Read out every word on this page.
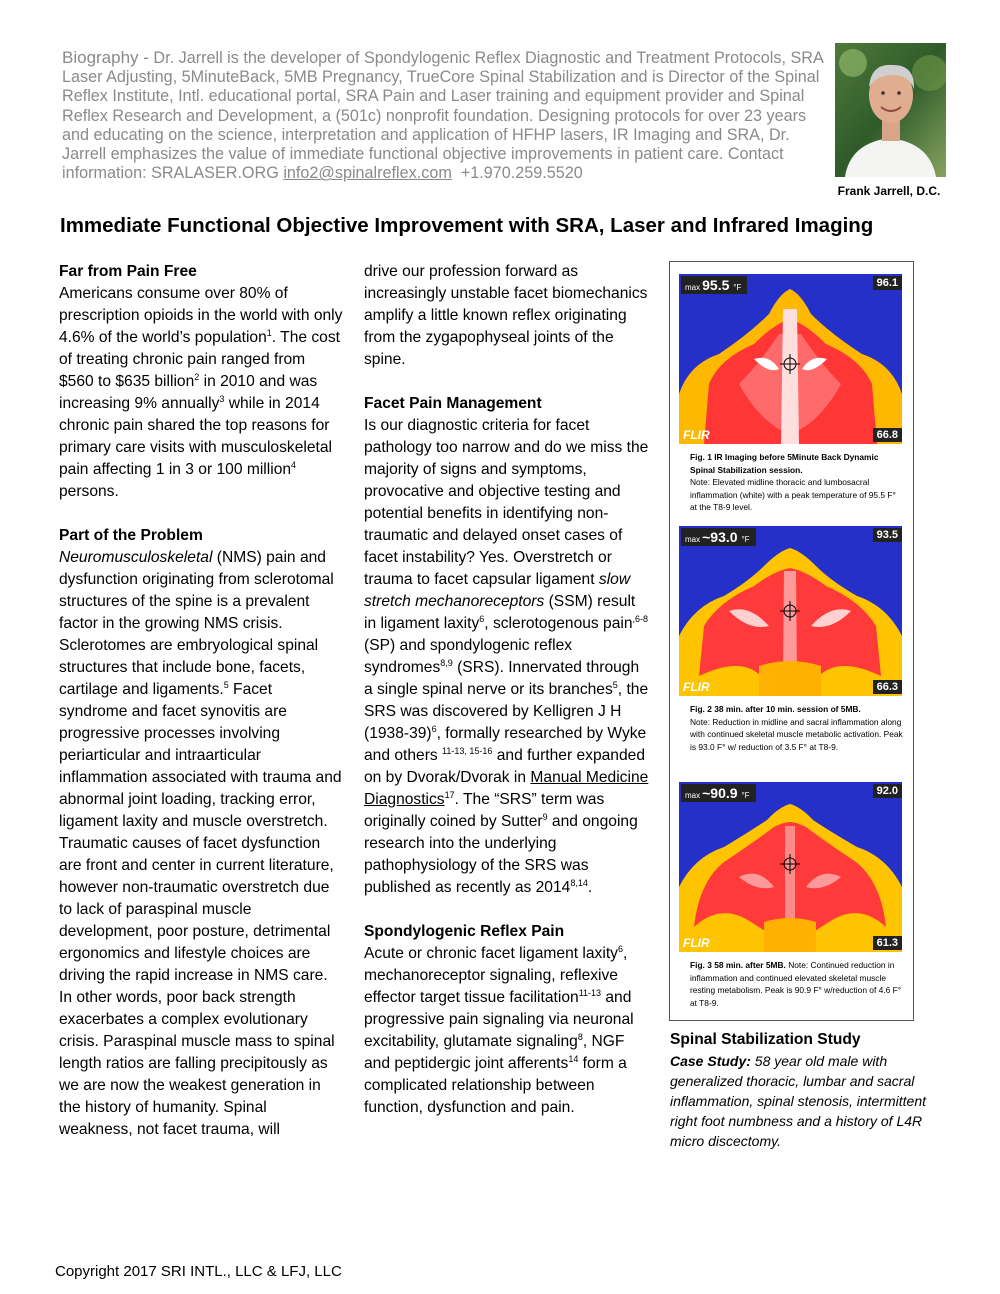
Biography - Dr. Jarrell is the developer of Spondylogenic Reflex Diagnostic and Treatment Protocols, SRA Laser Adjusting, 5MinuteBack, 5MB Pregnancy, TrueCore Spinal Stabilization and is Director of the Spinal Reflex Institute, Intl. educational portal, SRA Pain and Laser training and equipment provider and Spinal Reflex Research and Development, a (501c) nonprofit foundation. Designing protocols for over 23 years and educating on the science, interpretation and application of HFHP lasers, IR Imaging and SRA, Dr. Jarrell emphasizes the value of immediate functional objective improvements in patient care. Contact information: SRALASER.ORG info2@spinalreflex.com +1.970.259.5520
Frank Jarrell, D.C.
Immediate Functional Objective Improvement with SRA, Laser and Infrared Imaging
Far from Pain Free

Americans consume over 80% of prescription opioids in the world with only 4.6% of the world’s population$^1$. The cost of treating chronic pain ranged from $560 to $635 billion$^2$ in 2010 and was increasing 9% annually$^3$ while in 2014 chronic pain shared the top reasons for primary care visits with musculoskeletal pain affecting 1 in 3 or 100 million$^4$ persons.

Part of the Problem

Neuromusculoskeletal (NMS) pain and dysfunction originating from sclerotomal structures of the spine is a prevalent factor in the growing NMS crisis. Sclerotomes are embryological spinal structures that include bone, facets, cartilage and ligaments.$^5$ Facet syndrome and facet synovitis are progressive processes involving periarticular and intraarticular inflammation associated with trauma and abnormal joint loading, tracking error, ligament laxity and muscle overstretch. Traumatic causes of facet dysfunction are front and center in current literature, however non-traumatic overstretch due to lack of paraspinal muscle development, poor posture, detrimental ergonomics and lifestyle choices are driving the rapid increase in NMS care. In other words, poor back strength exacerbates a complex evolutionary crisis. Paraspinal muscle mass to spinal length ratios are falling precipitously as we are now the weakest generation in the history of humanity. Spinal weakness, not facet trauma, will

drive our profession forward as increasingly unstable facet biomechanics amplify a little known reflex originating from the zygapophyseal joints of the spine.

Facet Pain Management

Is our diagnostic criteria for facet pathology too narrow and do we miss the majority of signs and symptoms, provocative and objective testing and potential benefits in identifying non-traumatic and delayed onset cases of facet instability? Yes. Overstretch or trauma to facet capsular ligament slow stretch mechanoreceptors (SSM) result in ligament laxity$^6$, sclerotogenous pain$^{,6-8}$ (SP) and spondylogenic reflex syndromes$^{8,9}$ (SRS). Innervated through a single spinal nerve or its branches$^5$, the SRS was discovered by Kelligren J H (1938-39)$^6$, formally researched by Wyke and others $^{11-13, 15-16}$ and further expanded on by Dvorak/Dvorak in Manual Medicine Diagnostics$^{17}$. The “SRS” term was originally coined by Sutter$^9$ and ongoing research into the underlying pathophysiology of the SRS was published as recently as 2014$^{8,14}$.

Spondylogenic Reflex Pain

Acute or chronic facet ligament laxity$^6$, mechanoreceptor signaling, reflexive effector target tissue facilitation$^{11-13}$ and progressive pain signaling via neuronal excitability, glutamate signaling$^8$, NGF and peptidergic joint afferents$^{14}$ form a complicated relationship between function, dysfunction and pain.

max 95.5 °F	96.1
66.8
FLIR
Fig. 1 IR Imaging before 5Minute Back Dynamic Spinal Stabilization session.
Note: Elevated midline thoracic and lumbosacral inflammation (white) with a peak temperature of 95.5 F° at the T8-9 level.
max ~93.0 °F	93.5
66.3
FLIR
Fig. 2 38 min. after 10 min. session of 5MB.
Note: Reduction in midline and sacral inflammation along with continued skeletal muscle metabolic activation. Peak is 93.0 F° w/ reduction of 3.5 F° at T8-9.
max ~90.9 °F	92.0
61.3
FLIR
Fig. 3 58 min. after 5MB. Note: Continued reduction in inflammation and continued elevated skeletal muscle resting metabolism. Peak is 90.9 F° w/reduction of 4.6 F° at T8-9.
Spinal Stabilization Study

Case Study: 58 year old male with generalized thoracic, lumbar and sacral inflammation, spinal stenosis, intermittent right foot numbness and a history of L4R micro discectomy.

Copyright 2017 SRI INTL., LLC & LFJ, LLC
